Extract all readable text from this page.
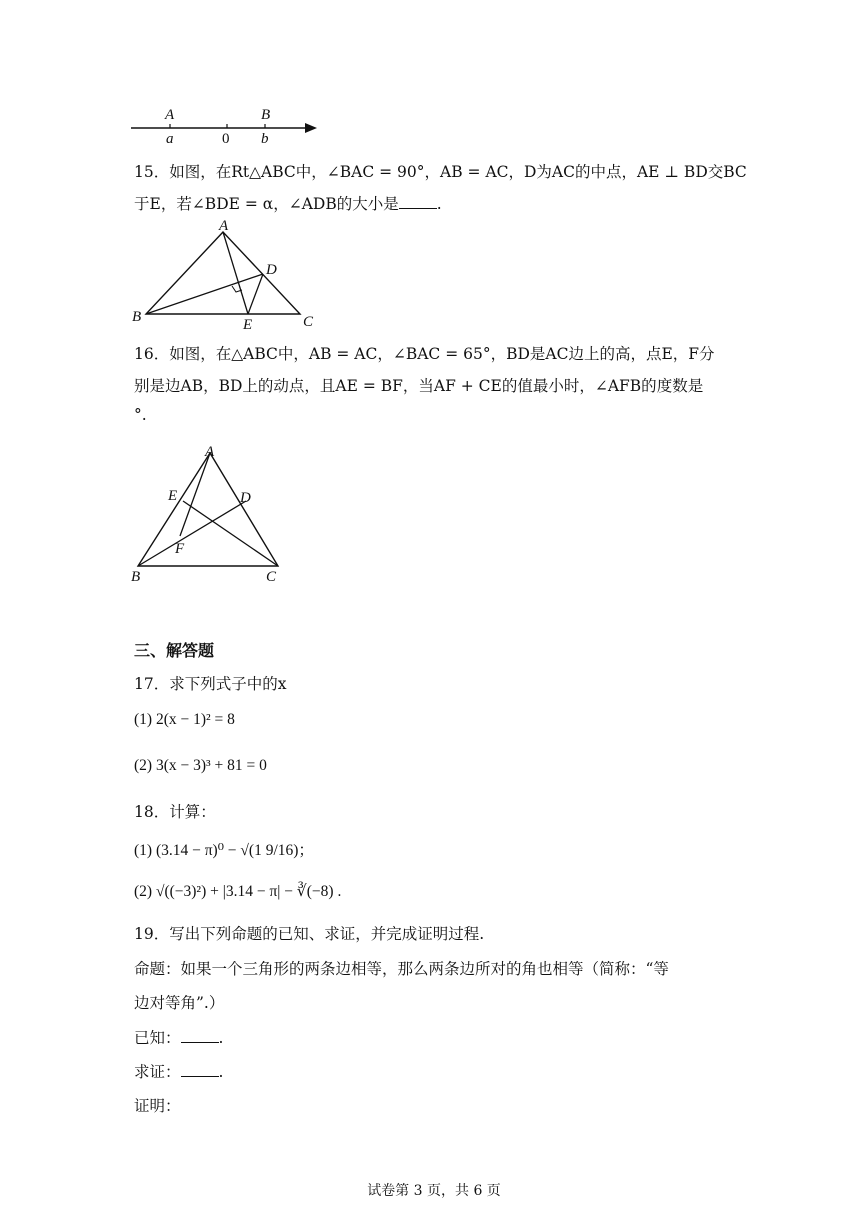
A	B
a	0 b
15．如图，在Rt△ABC中，∠BAC = 90°，AB = AC，D为AC的中点，AE ⊥ BD交BC
于E，若∠BDE = α，∠ADB的大小是 .
A
B	C
D
E
16．如图，在△ABC中，AB = AC，∠BAC = 65°，BD是AC边上的高，点E，F分
别是边AB，BD上的动点，且AE = BF，当AF + CE的值最小时，∠AFB的度数是
°.
A
B	C
D
E
F
三、解答题
17．求下列式子中的x
(1) 2(x − 1)² = 8
(2) 3(x − 3)³ + 81 = 0
18．计算：
(1) (3.14 − π)⁰ − √(1 9/16)；
(2) √((−3)²) + |3.14 − π| − ∛(−8) .
19．写出下列命题的已知、求证，并完成证明过程.
命题：如果一个三角形的两条边相等，那么两条边所对的角也相等（简称：“等
边对等角”.）
已知： .
求证： .
证明：
试卷第 3 页，共 6 页
